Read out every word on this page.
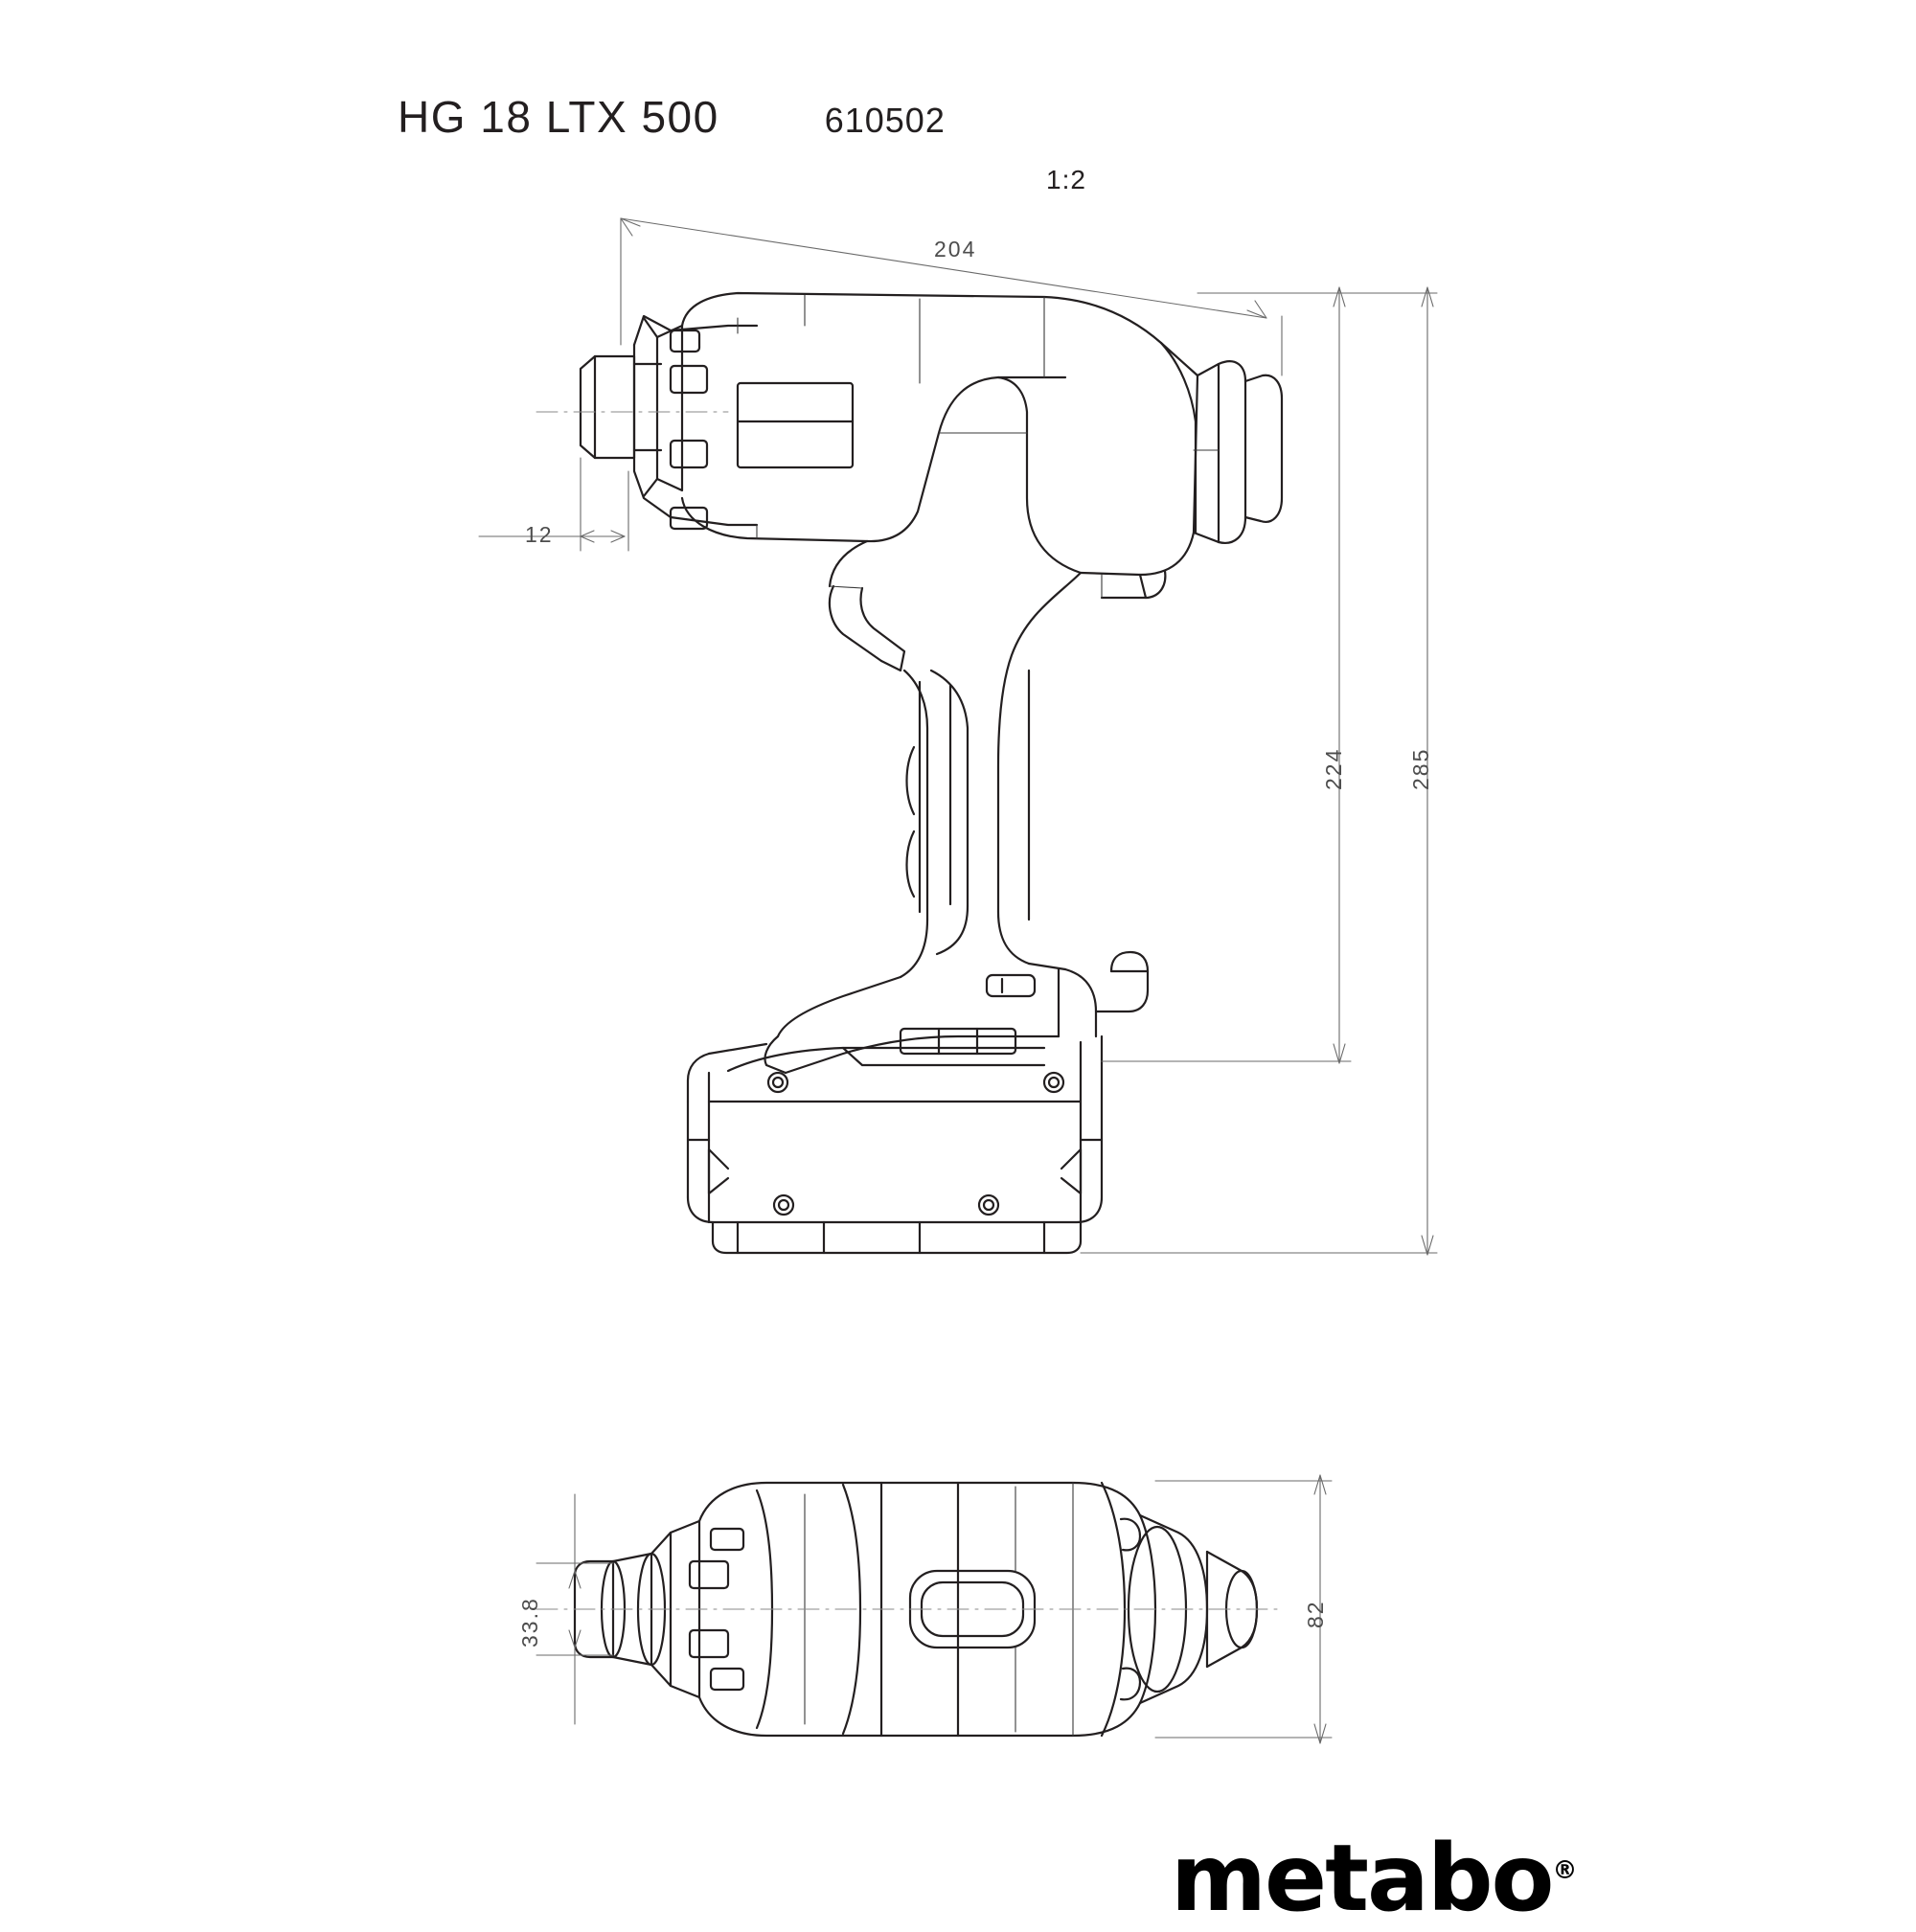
HG 18 LTX 500	610502
1:2
204
12
224	285
33.8	82
metabo®
